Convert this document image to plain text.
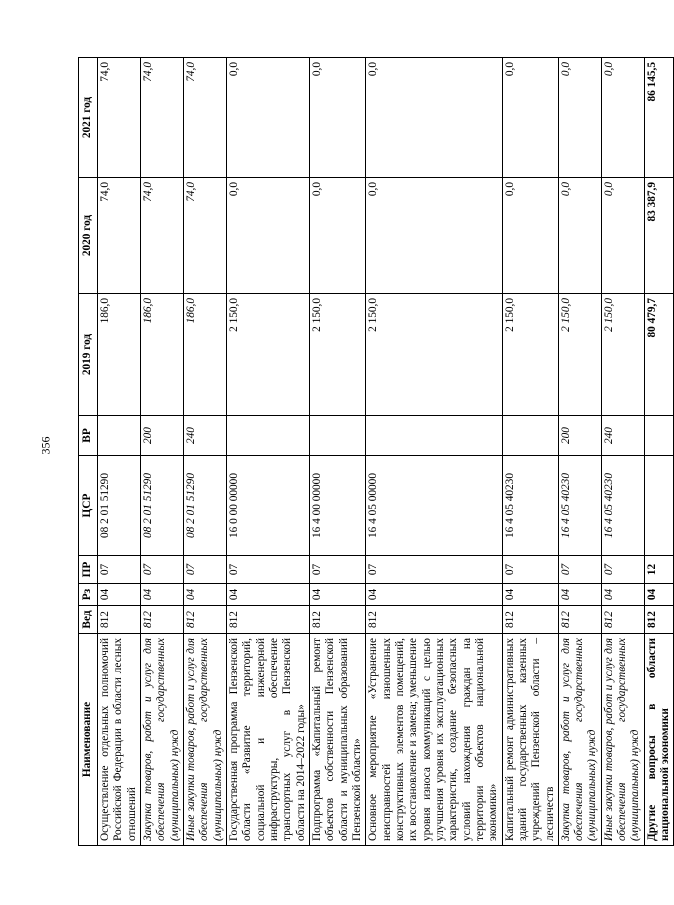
356
Наименование	Вед	Рз	ПР	ЦСР	ВР	2019 год	2020 год	2021 год
Осуществление отдельных полномочий Российской Федерации в области лесных отношений	812	04	07	08 2 01 51290		186,0	74,0	74,0
Закупка товаров, работ и услуг для обеспечения государственных (муниципальных) нужд	812	04	07	08 2 01 51290	200	186,0	74,0	74,0
Иные закупки товаров, работ и услуг для обеспечения государственных (муниципальных) нужд	812	04	07	08 2 01 51290	240	186,0	74,0	74,0
Государственная программа Пензенской области «Развитие территорий, социальной и инженерной инфраструктуры, обеспечение транспортных услуг в Пензенской области на 2014–2022 годы»	812	04	07	16 0 00 00000		2 150,0	0,0	0,0
Подпрограмма «Капитальный ремонт объектов собственности Пензенской области и муниципальных образований Пензенской области»	812	04	07	16 4 00 00000		2 150,0	0,0	0,0
Основное мероприятие «Устранение неисправностей изношенных конструктивных элементов помещений, их восстановление и замена; уменьшение уровня износа коммуникаций с целью улучшения уровня их эксплуатационных характеристик, создание безопасных условий нахождения граждан на территории объектов национальной экономики»	812	04	07	16 4 05 00000		2 150,0	0,0	0,0
Капитальный ремонт административных зданий государственных казенных учреждений Пензенской области – лесничеств	812	04	07	16 4 05 40230		2 150,0	0,0	0,0
Закупка товаров, работ и услуг для обеспечения государственных (муниципальных) нужд	812	04	07	16 4 05 40230	200	2 150,0	0,0	0,0
Иные закупки товаров, работ и услуг для обеспечения государственных (муниципальных) нужд	812	04	07	16 4 05 40230	240	2 150,0	0,0	0,0
Другие вопросы в области национальной экономики	812	04	12			80 479,7	83 387,9	86 145,5
